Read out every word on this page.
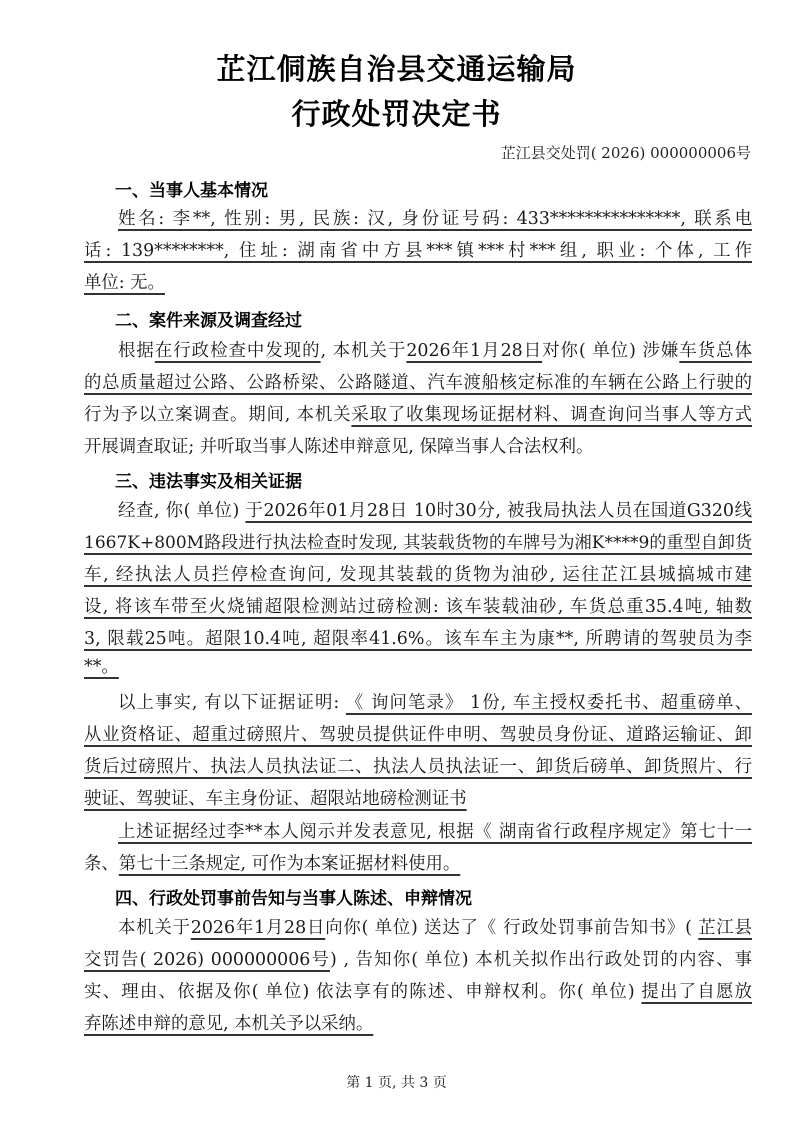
芷江侗族自治县交通运输局
行政处罚决定书
芷江县交处罚( 2026) 000000006号
一、当事人基本情况
姓名: 李**, 性别: 男, 民族: 汉, 身份证号码: 433***************, 联系电
话: 139********, 住址: 湖南省中方县***镇***村***组, 职业: 个体, 工作
单位: 无。
二、案件来源及调查经过
根据在行政检查中发现的, 本机关于2026年1月28日对你( 单位) 涉嫌车货总体
的总质量超过公路、公路桥梁、公路隧道、汽车渡船核定标准的车辆在公路上行驶的
行为予以立案调查。期间, 本机关采取了收集现场证据材料、调查询问当事人等方式
开展调查取证; 并听取当事人陈述申辩意见, 保障当事人合法权利。
三、违法事实及相关证据
经查, 你( 单位) 于2026年01月28日 10时30分, 被我局执法人员在国道G320线
1667K+800M路段进行执法检查时发现, 其装载货物的车牌号为湘K****9的重型自卸货
车, 经执法人员拦停检查询问, 发现其装载的货物为油砂, 运往芷江县城搞城市建
设, 将该车带至火烧铺超限检测站过磅检测: 该车装载油砂, 车货总重35.4吨, 轴数
3, 限载25吨。超限10.4吨, 超限率41.6%。该车车主为康**, 所聘请的驾驶员为李
**。
以上事实, 有以下证据证明: 《 询问笔录》 1份, 车主授权委托书、超重磅单、
从业资格证、超重过磅照片、驾驶员提供证件申明、驾驶员身份证、道路运输证、卸
货后过磅照片、执法人员执法证二、执法人员执法证一、卸货后磅单、卸货照片、行
驶证、驾驶证、车主身份证、超限站地磅检测证书
上述证据经过李**本人阅示并发表意见, 根据《 湖南省行政程序规定》第七十一
条、第七十三条规定, 可作为本案证据材料使用。
四、行政处罚事前告知与当事人陈述、申辩情况
本机关于2026年1月28日向你( 单位) 送达了《 行政处罚事前告知书》( 芷江县
交罚告( 2026) 000000006号) , 告知你( 单位) 本机关拟作出行政处罚的内容、事
实、理由、依据及你( 单位) 依法享有的陈述、申辩权利。你( 单位) 提出了自愿放
弃陈述申辩的意见, 本机关予以采纳。
第 1 页, 共 3 页
